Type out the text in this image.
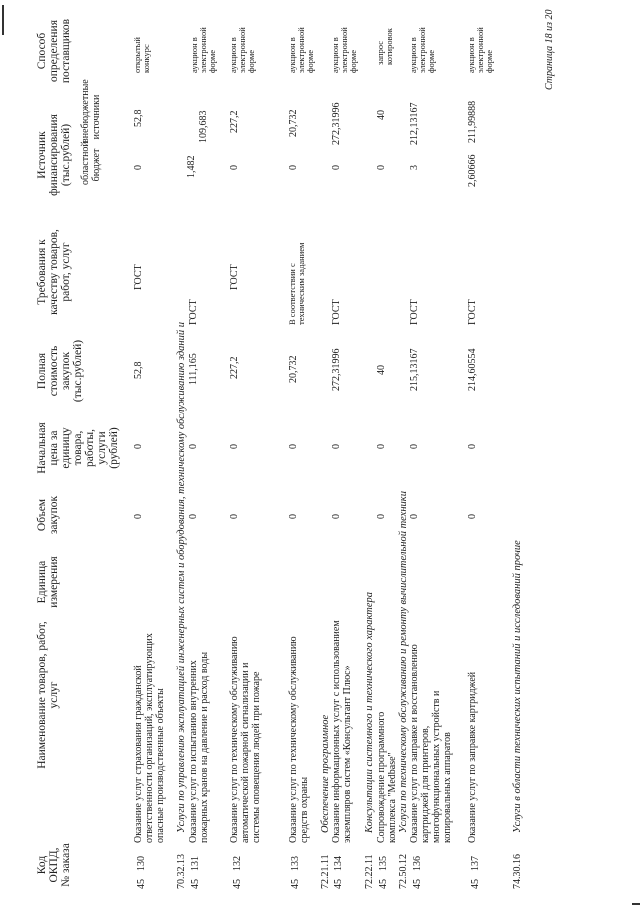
Код ОКПД, № заказа
Наименование товаров, работ, услуг
Единица измерения
Объем закупок
Начальная цена за единицу товара, работы, услуги (рублей)
Полная стоимость закупок (тыс.рублей)
Требования к качеству товаров, работ, услуг
Источник финансирования (тыс.рублей) областной бюджет
внебюджетные источники
Способ определения поставщиков
45
130
Оказание услуг страхования гражданской ответственности организаций, эксплуатирующих опасные производственные объекты
0
0
52,8
ГОСТ
0
52,8
открытый конкурс
70.32.13
Услуги по управлению эксплуатацией инженерных систем и оборудования, техническому обслуживанию зданий и
45
131
Оказание услуг по испытанию внутренних пожарных кранов на давление и расход воды
0
0
111,165
ГОСТ
1,482
109,683
аукцион в электронной форме
45
132
Оказание услуг по техническому обслуживанию автоматической пожарной сигнализации и системы оповещения людей при пожаре
0
0
227,2
ГОСТ
0
227,2
аукцион в электронной форме
45
133
Оказание услуг по техническому обслуживанию средств охраны
0
0
20,732
В соответствии с техническим заданием
0
20,732
аукцион в электронной форме
72.21.11
Обеспечение программное
45
134
Оказание информационных услуг с использованием экземпляров систем «Консультант Плюс»
0
0
272,31996
ГОСТ
0
272,31996
аукцион в электронной форме
72.22.11
Консультации системного и технического характера
45
135
Сопровождение программного комплекса "Medbase"
0
0
40
0
40
запрос котировок
72.50.12
Услуги по техническому обслуживанию и ремонту вычислительной техники
45
136
Оказание услуг по заправке и восстановлению картриджей для принтеров, многофункциональных устройств и копировальных аппаратов
0
0
215,13167
ГОСТ
3
212,13167
аукцион в электронной форме
45
137
Оказание услуг по заправке картриджей
0
0
214,60554
ГОСТ
2,60666
211,99888
аукцион в электронной форме
74.30.16
Услуги в области технических испытаний и исследований прочие
Страница 18 из 20
